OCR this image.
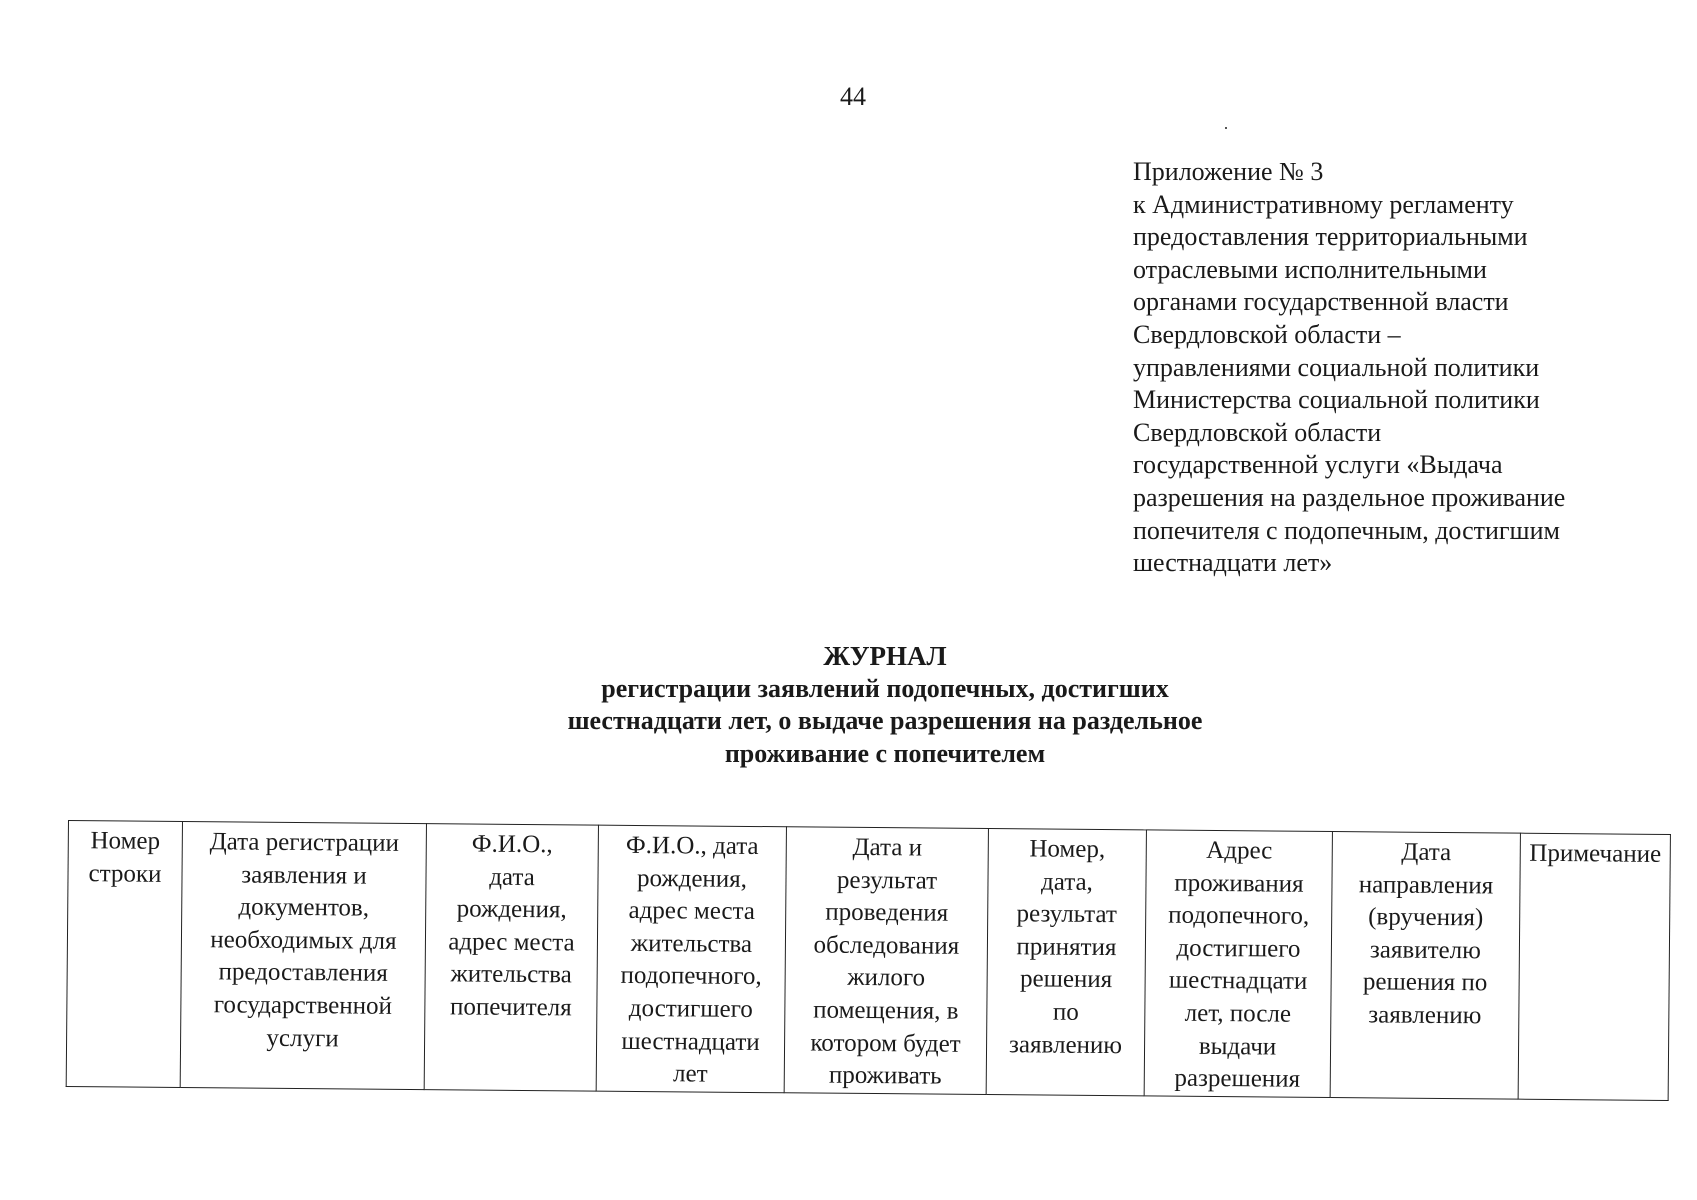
44
Приложение № 3
к Административному регламенту
предоставления территориальными
отраслевыми исполнительными
органами государственной власти
Свердловской области –
управлениями социальной политики
Министерства социальной политики
Свердловской области
государственной услуги «Выдача
разрешения на раздельное проживание
попечителя с подопечным, достигшим
шестнадцати лет»
ЖУРНАЛ
регистрации заявлений подопечных, достигших
шестнадцати лет, о выдаче разрешения на раздельное
проживание с попечителем
Номер
строки

Дата регистрации
заявления и
документов,
необходимых для
предоставления
государственной
услуги

Ф.И.О.,
дата
рождения,
адрес места
жительства
попечителя

Ф.И.О., дата
рождения,
адрес места
жительства
подопечного,
достигшего
шестнадцати
лет

Дата и
результат
проведения
обследования
жилого
помещения, в
котором будет
проживать

Номер,
дата,
результат
принятия
решения
по
заявлению

Адрес
проживания
подопечного,
достигшего
шестнадцати
лет, после
выдачи
разрешения

Дата
направления
(вручения)
заявителю
решения по
заявлению

Примечание
